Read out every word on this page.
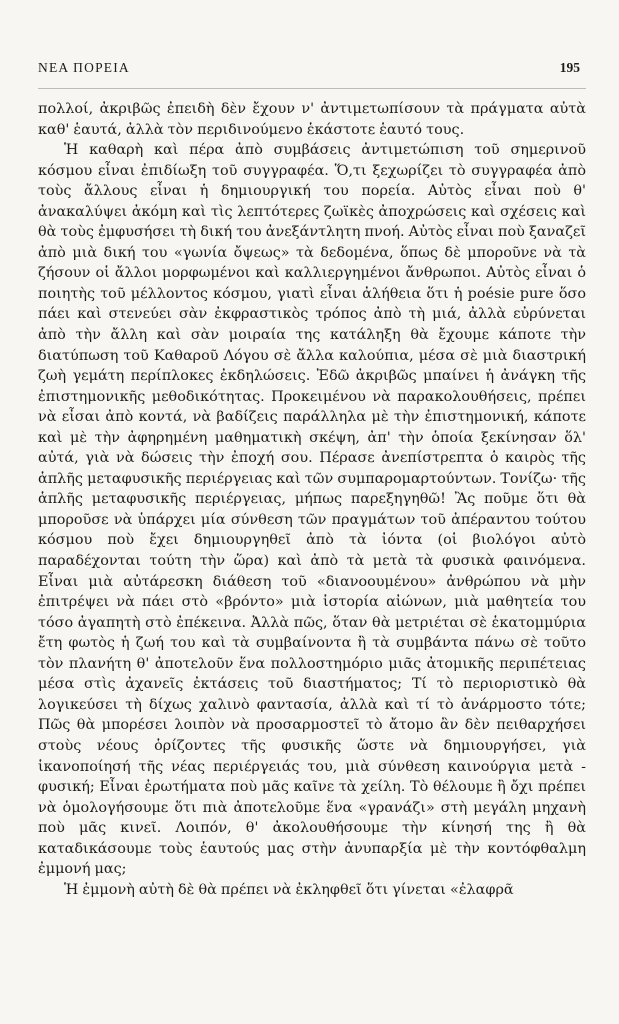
ΝΕΑ ΠΟΡΕΙΑ	195

πολλοί, ἀκριβῶς ἐπειδὴ δὲν ἔχουν ν' ἀντιμετωπίσουν τὰ πράγματα αὐτὰ καθ' ἑαυτά, ἀλλὰ τὸν περιδινούμενο ἑκάστοτε ἑαυτό τους.

Ἡ καθαρὴ καὶ πέρα ἀπὸ συμβάσεις ἀντιμετώπιση τοῦ σημερινοῦ κόσμου εἶναι ἐπιδίωξη τοῦ συγγραφέα. Ὅ,τι ξεχωρίζει τὸ συγγραφέα ἀπὸ τοὺς ἄλλους εἶναι ἡ δημιουργική του πορεία. Αὐτὸς εἶναι ποὺ θ' ἀνακαλύψει ἀκόμη καὶ τὶς λεπτότερες ζωϊκὲς ἀποχρώσεις καὶ σχέσεις καὶ θὰ τοὺς ἐμφυσήσει τὴ δική του ἀνεξάντλητη πνοή. Αὐτὸς εἶναι ποὺ ξαναζεῖ ἀπὸ μιὰ δική του «γωνία ὄψεως» τὰ δεδομένα, ὅπως δὲ μποροῦνε νὰ τὰ ζήσουν οἱ ἄλλοι μορφωμένοι καὶ καλλιεργημένοι ἄνθρωποι. Αὐτὸς εἶναι ὁ ποιητὴς τοῦ μέλλοντος κόσμου, γιατὶ εἶναι ἀλήθεια ὅτι ἡ poésie pure ὅσο πάει καὶ στενεύει σὰν ἐκφραστικὸς τρόπος ἀπὸ τὴ μιά, ἀλλὰ εὐρύνεται ἀπὸ τὴν ἄλλη καὶ σὰν μοιραία της κατάληξη θὰ ἔχουμε κάποτε τὴν διατύπωση τοῦ Καθαροῦ Λόγου σὲ ἄλλα καλούπια, μέσα σὲ μιὰ διαστρική ζωὴ γεμάτη περίπλοκες ἐκδηλώσεις. Ἐδῶ ἀκριβῶς μπαίνει ἡ ἀνάγκη τῆς ἐπιστημονικῆς μεθοδικότητας. Προκειμένου νὰ παρακολουθήσεις, πρέπει νὰ εἶσαι ἀπὸ κοντά, νὰ βαδίζεις παράλληλα μὲ τὴν ἐπιστημονική, κάποτε καὶ μὲ τὴν ἀφηρημένη μαθηματικὴ σκέψη, ἀπ' τὴν ὁποία ξεκίνησαν ὅλ' αὐτά, γιὰ νὰ δώσεις τὴν ἐποχή σου. Πέρασε ἀνεπίστρεπτα ὁ καιρὸς τῆς ἁπλῆς μεταφυσικῆς περιέργειας καὶ τῶν συμπαρομαρτούντων. Τονίζω· τῆς ἁπλῆς μεταφυσικῆς περιέργειας, μήπως παρεξηγηθῶ! Ἂς ποῦμε ὅτι θὰ μποροῦσε νὰ ὑπάρχει μία σύνθεση τῶν πραγμάτων τοῦ ἀπέραντου τούτου κόσμου ποὺ ἔχει δημιουργηθεῖ ἀπὸ τὰ ἰόντα (οἱ βιολόγοι αὐτὸ παραδέχονται τούτη τὴν ὥρα) καὶ ἀπὸ τὰ μετὰ τὰ φυσικὰ φαινόμενα. Εἶναι μιὰ αὐτάρεσκη διάθεση τοῦ «διανοουμένου» ἀνθρώπου νὰ μὴν ἐπιτρέψει νὰ πάει στὸ «βρόντο» μιὰ ἱστορία αἰώνων, μιὰ μαθητεία του τόσο ἀγαπητὴ στὸ ἐπέκεινα. Ἀλλὰ πῶς, ὅταν θὰ μετριέται σὲ ἑκατομμύρια ἔτη φωτὸς ἡ ζωή του καὶ τὰ συμβαίνοντα ἢ τὰ συμβάντα πάνω σὲ τοῦτο τὸν πλανήτη θ' ἀποτελοῦν ἕνα πολλοστημόριο μιᾶς ἀτομικῆς περιπέτειας μέσα στὶς ἀχανεῖς ἐκτάσεις τοῦ διαστήματος; Τί τὸ περιοριστικὸ θὰ λογικεύσει τὴ δίχως χαλινὸ φαντασία, ἀλλὰ καὶ τί τὸ ἀνάρμοστο τότε; Πῶς θὰ μπορέσει λοιπὸν νὰ προσαρμοστεῖ τὸ ἄτομο ἂν δὲν πειθαρχήσει στοὺς νέους ὁρίζοντες τῆς φυσικῆς ὥστε νὰ δημιουργήσει, γιὰ ἱκανοποίησή τῆς νέας περιέργειάς του, μιὰ σύνθεση καινούργια μετὰ - φυσική; Εἶναι ἐρωτήματα ποὺ μᾶς καῖνε τὰ χείλη. Τὸ θέλουμε ἢ ὄχι πρέπει νὰ ὁμολογήσουμε ὅτι πιὰ ἀποτελοῦμε ἕνα «γρανάζι» στὴ μεγάλη μηχανὴ ποὺ μᾶς κινεῖ. Λοιπόν, θ' ἀκολουθήσουμε τὴν κίνησή της ἢ θὰ καταδικάσουμε τοὺς ἑαυτούς μας στὴν ἀνυπαρξία μὲ τὴν κοντόφθαλμη ἐμμονή μας;

Ἡ ἐμμονὴ αὐτὴ δὲ θὰ πρέπει νὰ ἐκληφθεῖ ὅτι γίνεται «ἐλαφρᾶ
